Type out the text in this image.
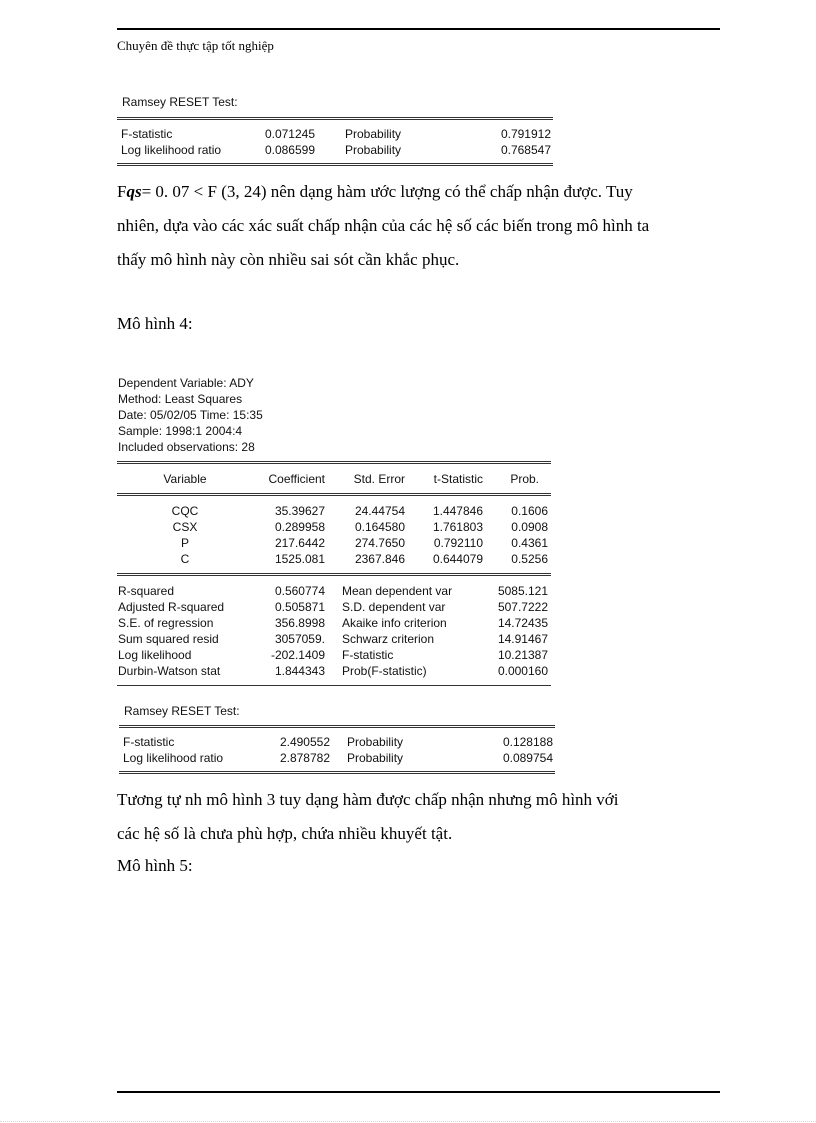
Chuyên đề thực tập tốt nghiệp
Ramsey RESET Test:
F-statistic	0.071245	Probability	0.791912
Log likelihood ratio	0.086599	Probability	0.768547
Fqs= 0. 07 < F (3, 24) nên dạng hàm ước lượng có thể chấp nhận được. Tuy
nhiên, dựa vào các xác suất chấp nhận của các hệ số các biến trong mô hình ta
thấy mô hình này còn nhiều sai sót cần khắc phục.
Mô hình 4:
Dependent Variable: ADY
Method: Least Squares
Date: 05/02/05 Time: 15:35
Sample: 1998:1 2004:4
Included observations: 28
Variable	Coefficient	Std. Error	t-Statistic	Prob.
CQC	35.39627	24.44754	1.447846	0.1606
CSX	0.289958	0.164580	1.761803	0.0908
P	217.6442	274.7650	0.792110	0.4361
C	1525.081	2367.846	0.644079	0.5256
R-squared	0.560774 Mean dependent var	5085.121
Adjusted R-squared	0.505871 S.D. dependent var	507.7222
S.E. of regression	356.8998 Akaike info criterion	14.72435
Sum squared resid	3057059. Schwarz criterion	14.91467
Log likelihood	-202.1409 F-statistic	10.21387
Durbin-Watson stat	1.844343 Prob(F-statistic)	0.000160
Ramsey RESET Test:
F-statistic	2.490552 Probability	0.128188
Log likelihood ratio	2.878782 Probability	0.089754
Tương tự nh mô hình 3 tuy dạng hàm được chấp nhận nhưng mô hình với
các hệ số là chưa phù hợp, chứa nhiều khuyết tật.
Mô hình 5:
